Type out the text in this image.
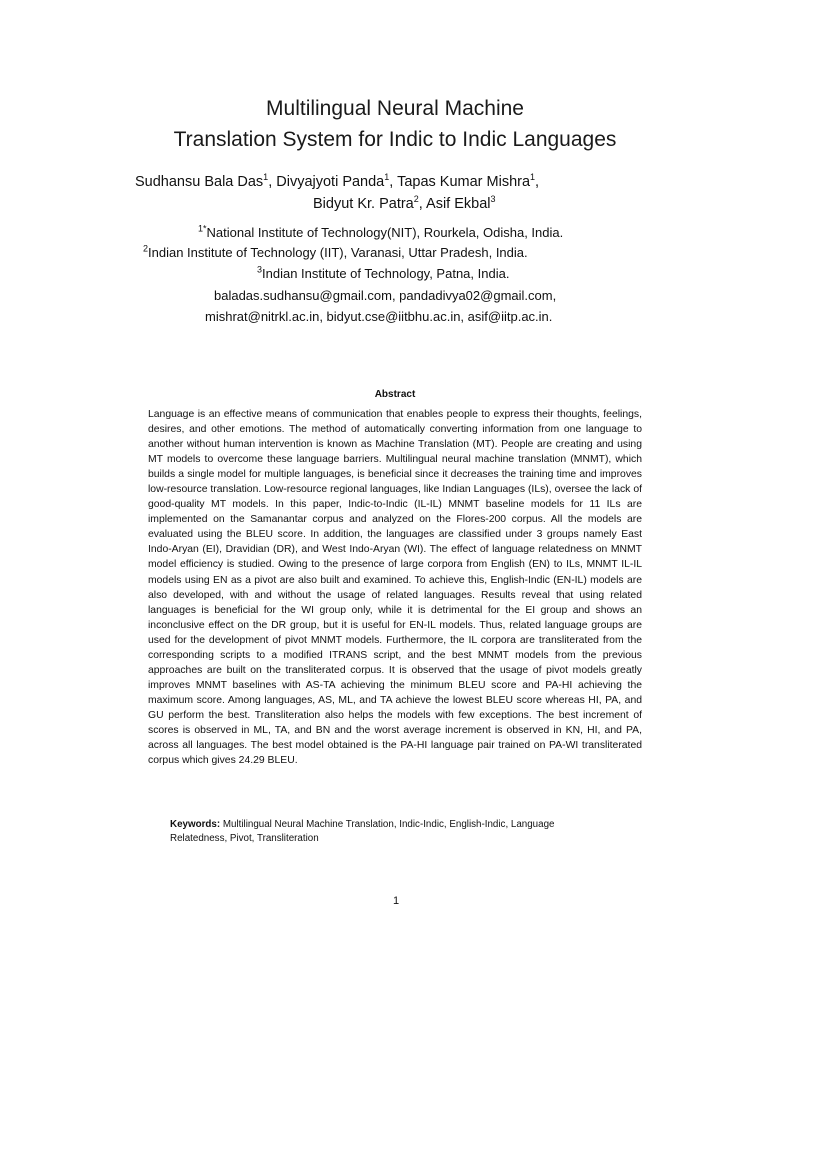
Multilingual Neural Machine
Translation System for Indic to Indic Languages
Sudhansu Bala Das$^1$, Divyajyoti Panda$^1$, Tapas Kumar Mishra$^1$,
Bidyut Kr. Patra$^2$, Asif Ekbal$^3$
$^{1*}$National Institute of Technology(NIT), Rourkela, Odisha, India.
$^2$Indian Institute of Technology (IIT), Varanasi, Uttar Pradesh, India.
$^3$Indian Institute of Technology, Patna, India.
baladas.sudhansu@gmail.com, pandadivya02@gmail.com,
mishrat@nitrkl.ac.in, bidyut.cse@iitbhu.ac.in, asif@iitp.ac.in.
Abstract

Language is an effective means of communication that enables people to express their thoughts, feelings, desires, and other emotions. The method of automatically converting information from one language to another without human intervention is known as Machine Translation (MT). People are creating and using MT models to overcome these language barriers. Multilingual neural machine translation (MNMT), which builds a single model for multiple languages, is beneficial since it decreases the training time and improves low-resource translation. Low-resource regional languages, like Indian Languages (ILs), oversee the lack of good-quality MT models. In this paper, Indic-to-Indic (IL-IL) MNMT baseline models for 11 ILs are implemented on the Samanantar corpus and analyzed on the Flores-200 corpus. All the models are evaluated using the BLEU score. In addition, the languages are classified under 3 groups namely East Indo-Aryan (EI), Dravidian (DR), and West Indo-Aryan (WI). The effect of language relatedness on MNMT model efficiency is studied. Owing to the presence of large corpora from English (EN) to ILs, MNMT IL-IL models using EN as a pivot are also built and examined. To achieve this, English-Indic (EN-IL) models are also developed, with and without the usage of related languages. Results reveal that using related languages is beneficial for the WI group only, while it is detrimental for the EI group and shows an inconclusive effect on the DR group, but it is useful for EN-IL models. Thus, related language groups are used for the development of pivot MNMT models. Furthermore, the IL corpora are transliterated from the corresponding scripts to a modified ITRANS script, and the best MNMT models from the previous approaches are built on the transliterated corpus. It is observed that the usage of pivot models greatly improves MNMT baselines with AS-TA achieving the minimum BLEU score and PA-HI achieving the maximum score. Among languages, AS, ML, and TA achieve the lowest BLEU score whereas HI, PA, and GU perform the best. Transliteration also helps the models with few exceptions. The best increment of scores is observed in ML, TA, and BN and the worst average increment is observed in KN, HI, and PA, across all languages. The best model obtained is the PA-HI language pair trained on PA-WI transliterated corpus which gives 24.29 BLEU.

Keywords: Multilingual Neural Machine Translation, Indic-Indic, English-Indic, Language Relatedness, Pivot, Transliteration

1
